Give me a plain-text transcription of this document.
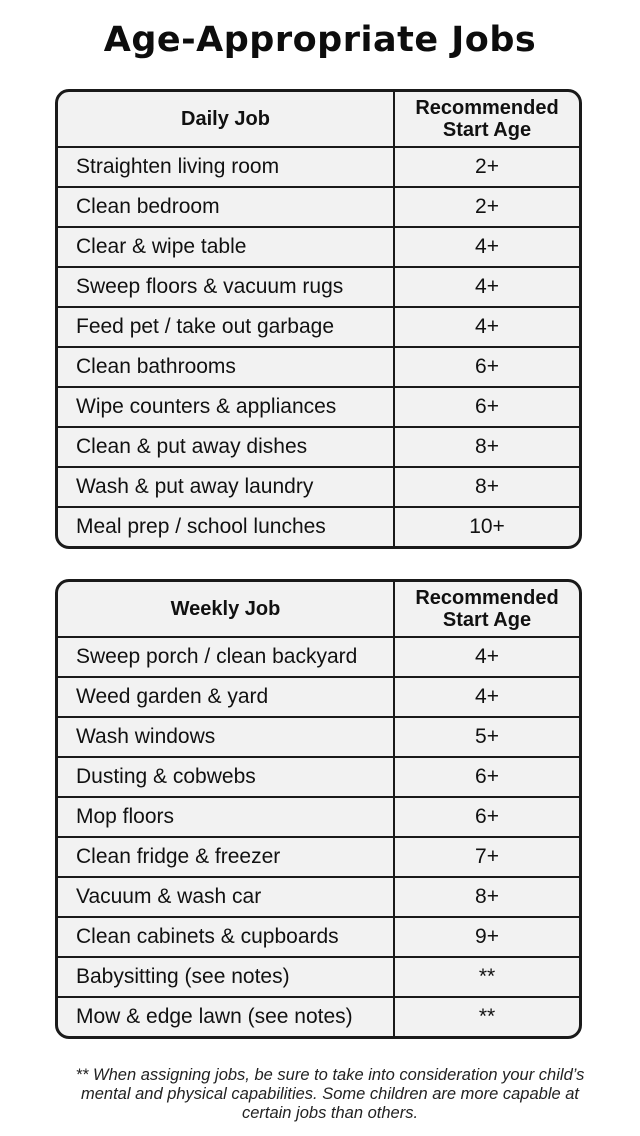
Age-Appropriate Jobs
Daily Job	Recommended
Start Age
Straighten living room	2+
Clean bedroom	2+
Clear & wipe table	4+
Sweep floors & vacuum rugs	4+
Feed pet / take out garbage	4+
Clean bathrooms	6+
Wipe counters & appliances	6+
Clean & put away dishes	8+
Wash & put away laundry	8+
Meal prep / school lunches	10+
Weekly Job	Recommended
Start Age
Sweep porch / clean backyard	4+
Weed garden & yard	4+
Wash windows	5+
Dusting & cobwebs	6+
Mop floors	6+
Clean fridge & freezer	7+
Vacuum & wash car	8+
Clean cabinets & cupboards	9+
Babysitting (see notes)	**
Mow & edge lawn (see notes)	**
** When assigning jobs, be sure to take into consideration your child’s mental and physical capabilities. Some children are more capable at certain jobs than others.
